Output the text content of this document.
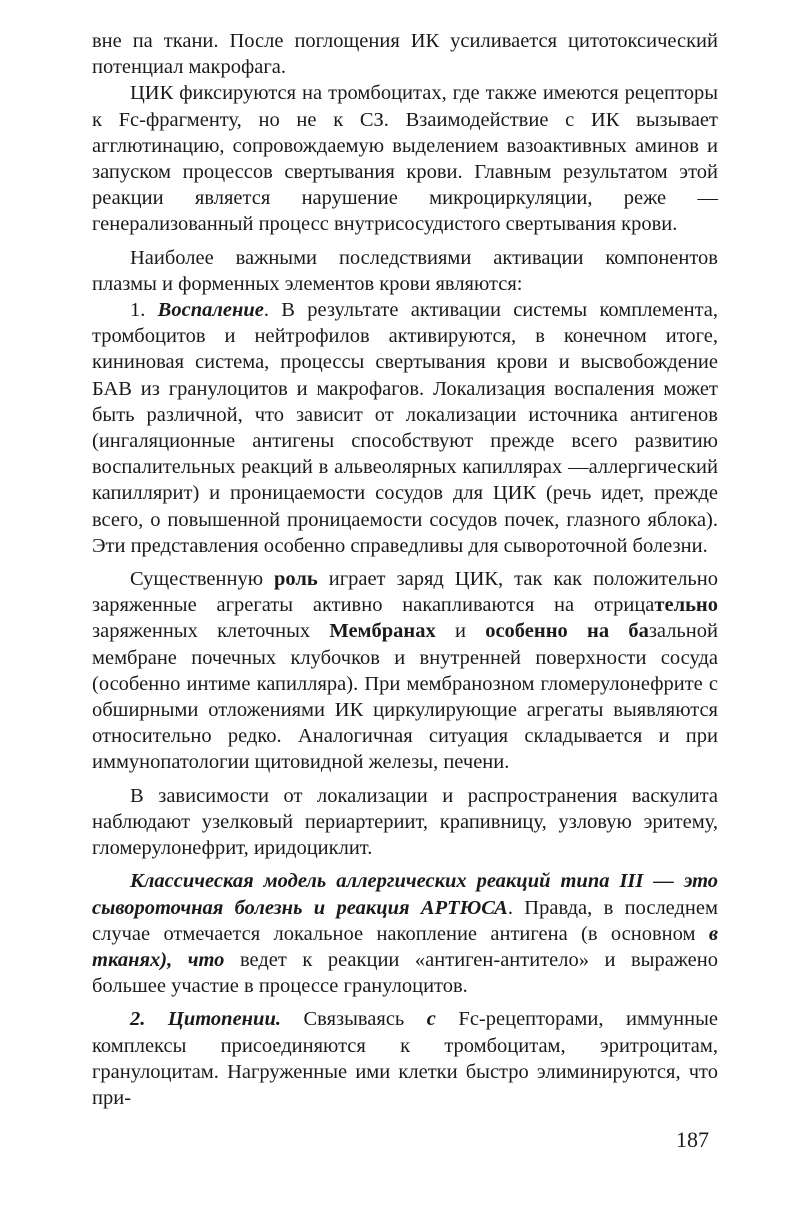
вне па ткани. После поглощения ИК усиливается цитотоксический потенциал макрофага.

ЦИК фиксируются на тромбоцитах, где также имеются рецепторы к Fc-фрагменту, но не к СЗ. Взаимодействие с ИК вызывает агглютинацию, сопровождаемую выделением вазоактивных аминов и запуском процессов свертывания крови. Главным результатом этой реакции является нарушение микроциркуляции, реже — генерализованный процесс внутрисосудистого свертывания крови.

Наиболее важными последствиями активации компонентов плазмы и форменных элементов крови являются:

1. Воспаление. В результате активации системы комплемента, тромбоцитов и нейтрофилов активируются, в конечном итоге, кининовая система, процессы свертывания крови и высвобождение БАВ из гранулоцитов и макрофагов. Локализация воспаления может быть различной, что зависит от локализации источника антигенов (ингаляционные антигены способствуют прежде всего развитию воспалительных реакций в альвеолярных капиллярах —аллергический капиллярит) и проницаемости сосудов для ЦИК (речь идет, прежде всего, о повышенной проницаемости сосудов почек, глазного яблока). Эти представления особенно справедливы для сывороточной болезни.

Существенную роль играет заряд ЦИК, так как положительно заряженные агрегаты активно накапливаются на отрицательно заряженных клеточных Мембранах и особенно на базальной мембране почечных клубочков и внутренней поверхности сосуда (особенно интиме капилляра). При мембранозном гломерулонефрите с обширными отложениями ИК циркулирующие агрегаты выявляются относительно редко. Аналогичная ситуация складывается и при иммунопатологии щитовидной железы, печени.

В зависимости от локализации и распространения васкулита наблюдают узелковый периартериит, крапивницу, узловую эритему, гломерулонефрит, иридоциклит.

Классическая модель аллергических реакций типа III — это сывороточная болезнь и реакция АРТЮСА. Правда, в последнем случае отмечается локальное накопление антигена (в основном в тканях), что ведет к реакции «антиген-антитело» и выражено большее участие в процессе гранулоцитов.

2. Цитопении. Связываясь с Fc-рецепторами, иммунные комплексы присоединяются к тромбоцитам, эритроцитам, гранулоцитам. Нагруженные ими клетки быстро элиминируются, что при-

187
